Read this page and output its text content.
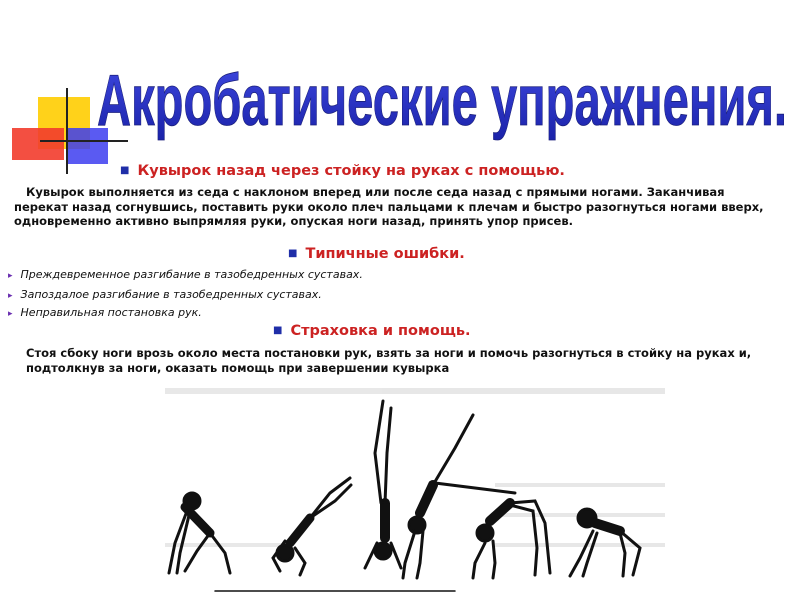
Акробатические упражнения.
■ Кувырок назад через стойку на руках с помощью.
Кувырок выполняется из седа с наклоном вперед или после седа назад с прямыми ногами. Заканчивая перекат назад согнувшись, поставить руки около плеч пальцами к плечам и быстро разогнуться ногами вверх, одновременно активно выпрямляя руки, опуская ноги назад, принять упор присев.
■ Типичные ошибки.
▸ Преждевременное разгибание в тазобедренных суставах.
▸ Запоздалое разгибание в тазобедренных суставах.
▸ Неправильная постановка рук.
■ Страховка и помощь.
Стоя сбоку ноги врозь около места постановки рук, взять за ноги и помочь разогнуться в стойку на руках и, подтолкнув за ноги, оказать помощь при завершении кувырка
